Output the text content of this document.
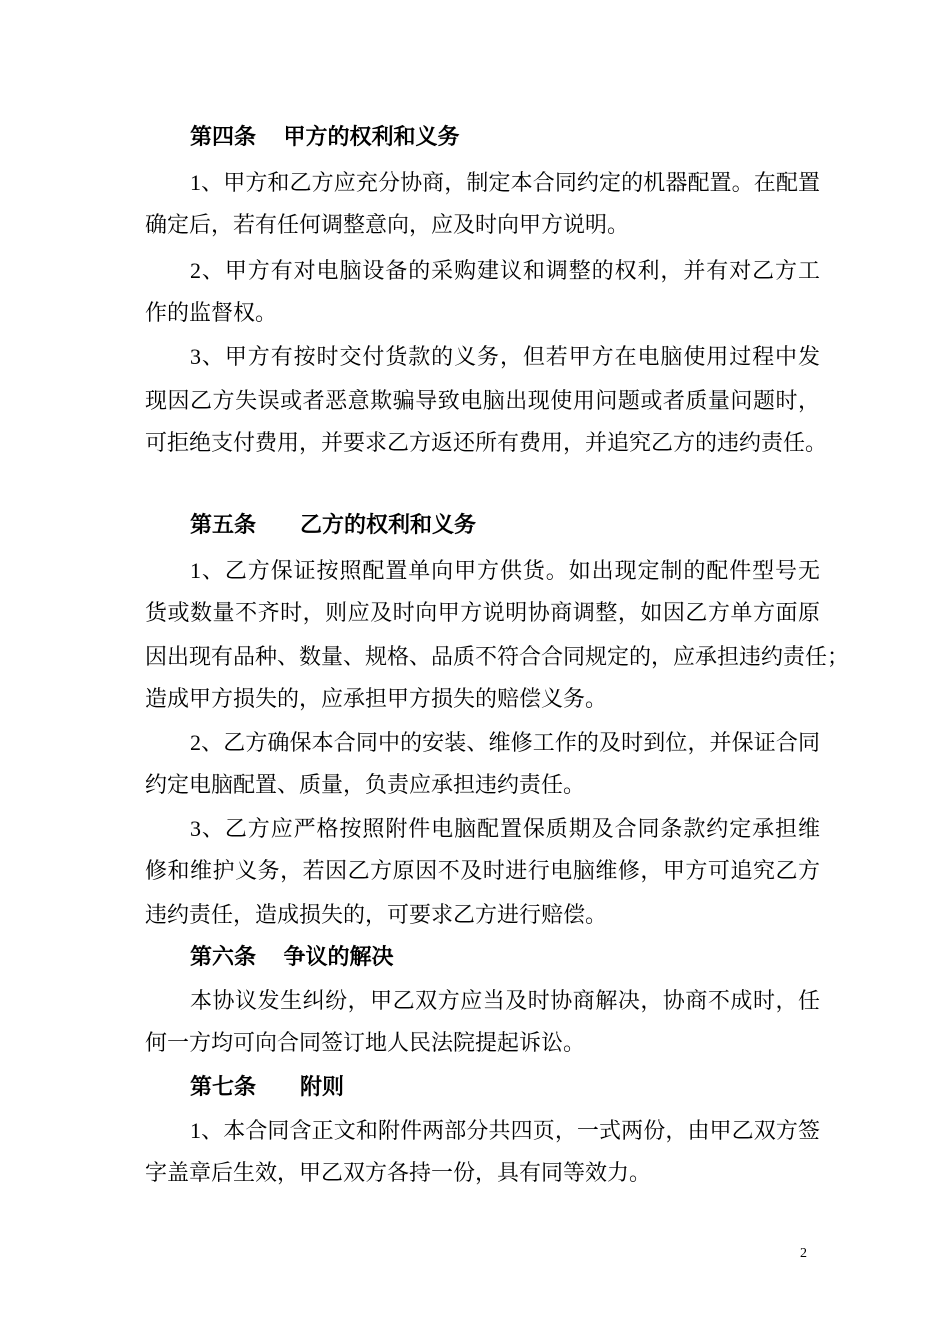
第四条　 甲方的权利和义务
1、甲方和乙方应充分协商，制定本合同约定的机器配置。在配置
确定后，若有任何调整意向，应及时向甲方说明。
2、甲方有对电脑设备的采购建议和调整的权利，并有对乙方工
作的监督权。
3、甲方有按时交付货款的义务，但若甲方在电脑使用过程中发
现因乙方失误或者恶意欺骗导致电脑出现使用问题或者质量问题时，
可拒绝支付费用，并要求乙方返还所有费用，并追究乙方的违约责任。
第五条　　乙方的权利和义务
1、乙方保证按照配置单向甲方供货。如出现定制的配件型号无
货或数量不齐时，则应及时向甲方说明协商调整，如因乙方单方面原
因出现有品种、数量、规格、品质不符合合同规定的，应承担违约责任；
造成甲方损失的，应承担甲方损失的赔偿义务。
2、乙方确保本合同中的安装、维修工作的及时到位，并保证合同
约定电脑配置、质量，负责应承担违约责任。
3、乙方应严格按照附件电脑配置保质期及合同条款约定承担维
修和维护义务，若因乙方原因不及时进行电脑维修，甲方可追究乙方
违约责任，造成损失的，可要求乙方进行赔偿。
第六条　 争议的解决
本协议发生纠纷，甲乙双方应当及时协商解决，协商不成时，任
何一方均可向合同签订地人民法院提起诉讼。
第七条　　附则
1、本合同含正文和附件两部分共四页，一式两份，由甲乙双方签
字盖章后生效，甲乙双方各持一份，具有同等效力。
2
